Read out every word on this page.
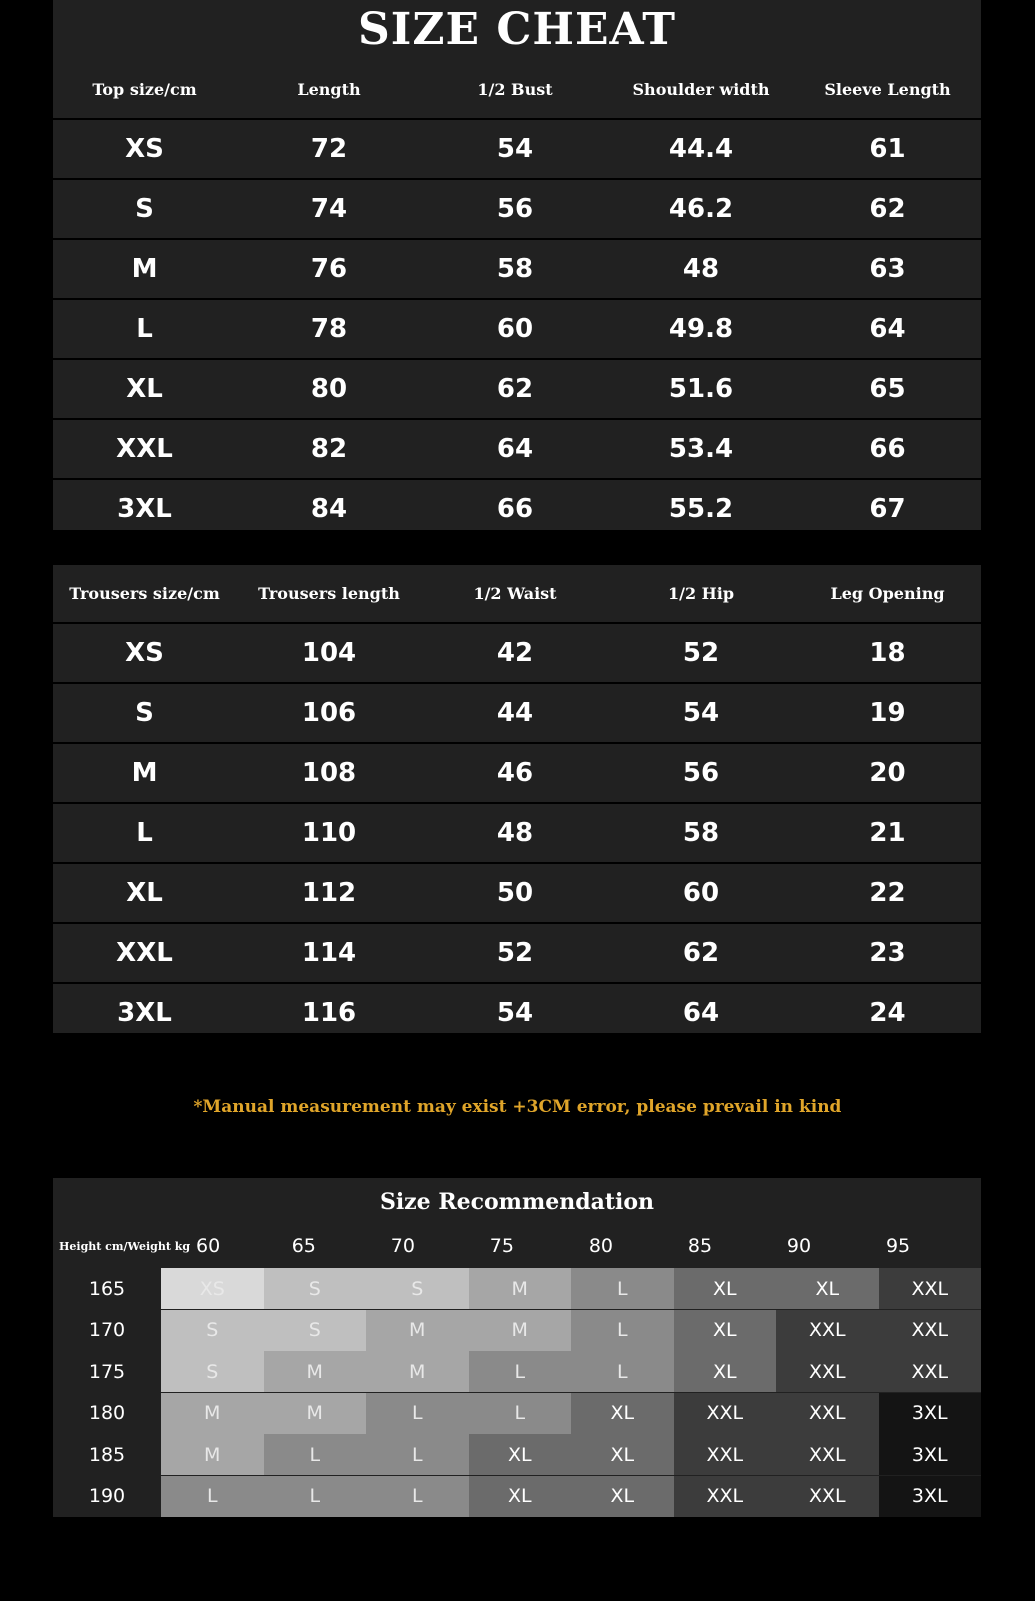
SIZE CHEAT
Top size/cm	Length	1/2 Bust	Shoulder width	Sleeve Length
XS	72	54	44.4	61
S	74	56	46.2	62
M	76	58	48	63
L	78	60	49.8	64
XL	80	62	51.6	65
XXL	82	64	53.4	66
3XL	84	66	55.2	67
Trousers size/cm	Trousers length	1/2 Waist	1/2 Hip	Leg Opening
XS	104	42	52	18
S	106	44	54	19
M	108	46	56	20
L	110	48	58	21
XL	112	50	60	22
XXL	114	52	62	23
3XL	116	54	64	24
*Manual measurement may exist +3CM error, please prevail in kind
Size Recommendation
Height cm/Weight kg 60	65	70	75	80	85	90	95
165	XS	S	S	M	L	XL	XL	XXL
170	S	S	M	M	L	XL	XXL	XXL
175	S	M	M	L	L	XL	XXL	XXL
180	M	M	L	L	XL	XXL	XXL	3XL
185	M	L	L	XL	XL	XXL	XXL	3XL
190	L	L	L	XL	XL	XXL	XXL	3XL
